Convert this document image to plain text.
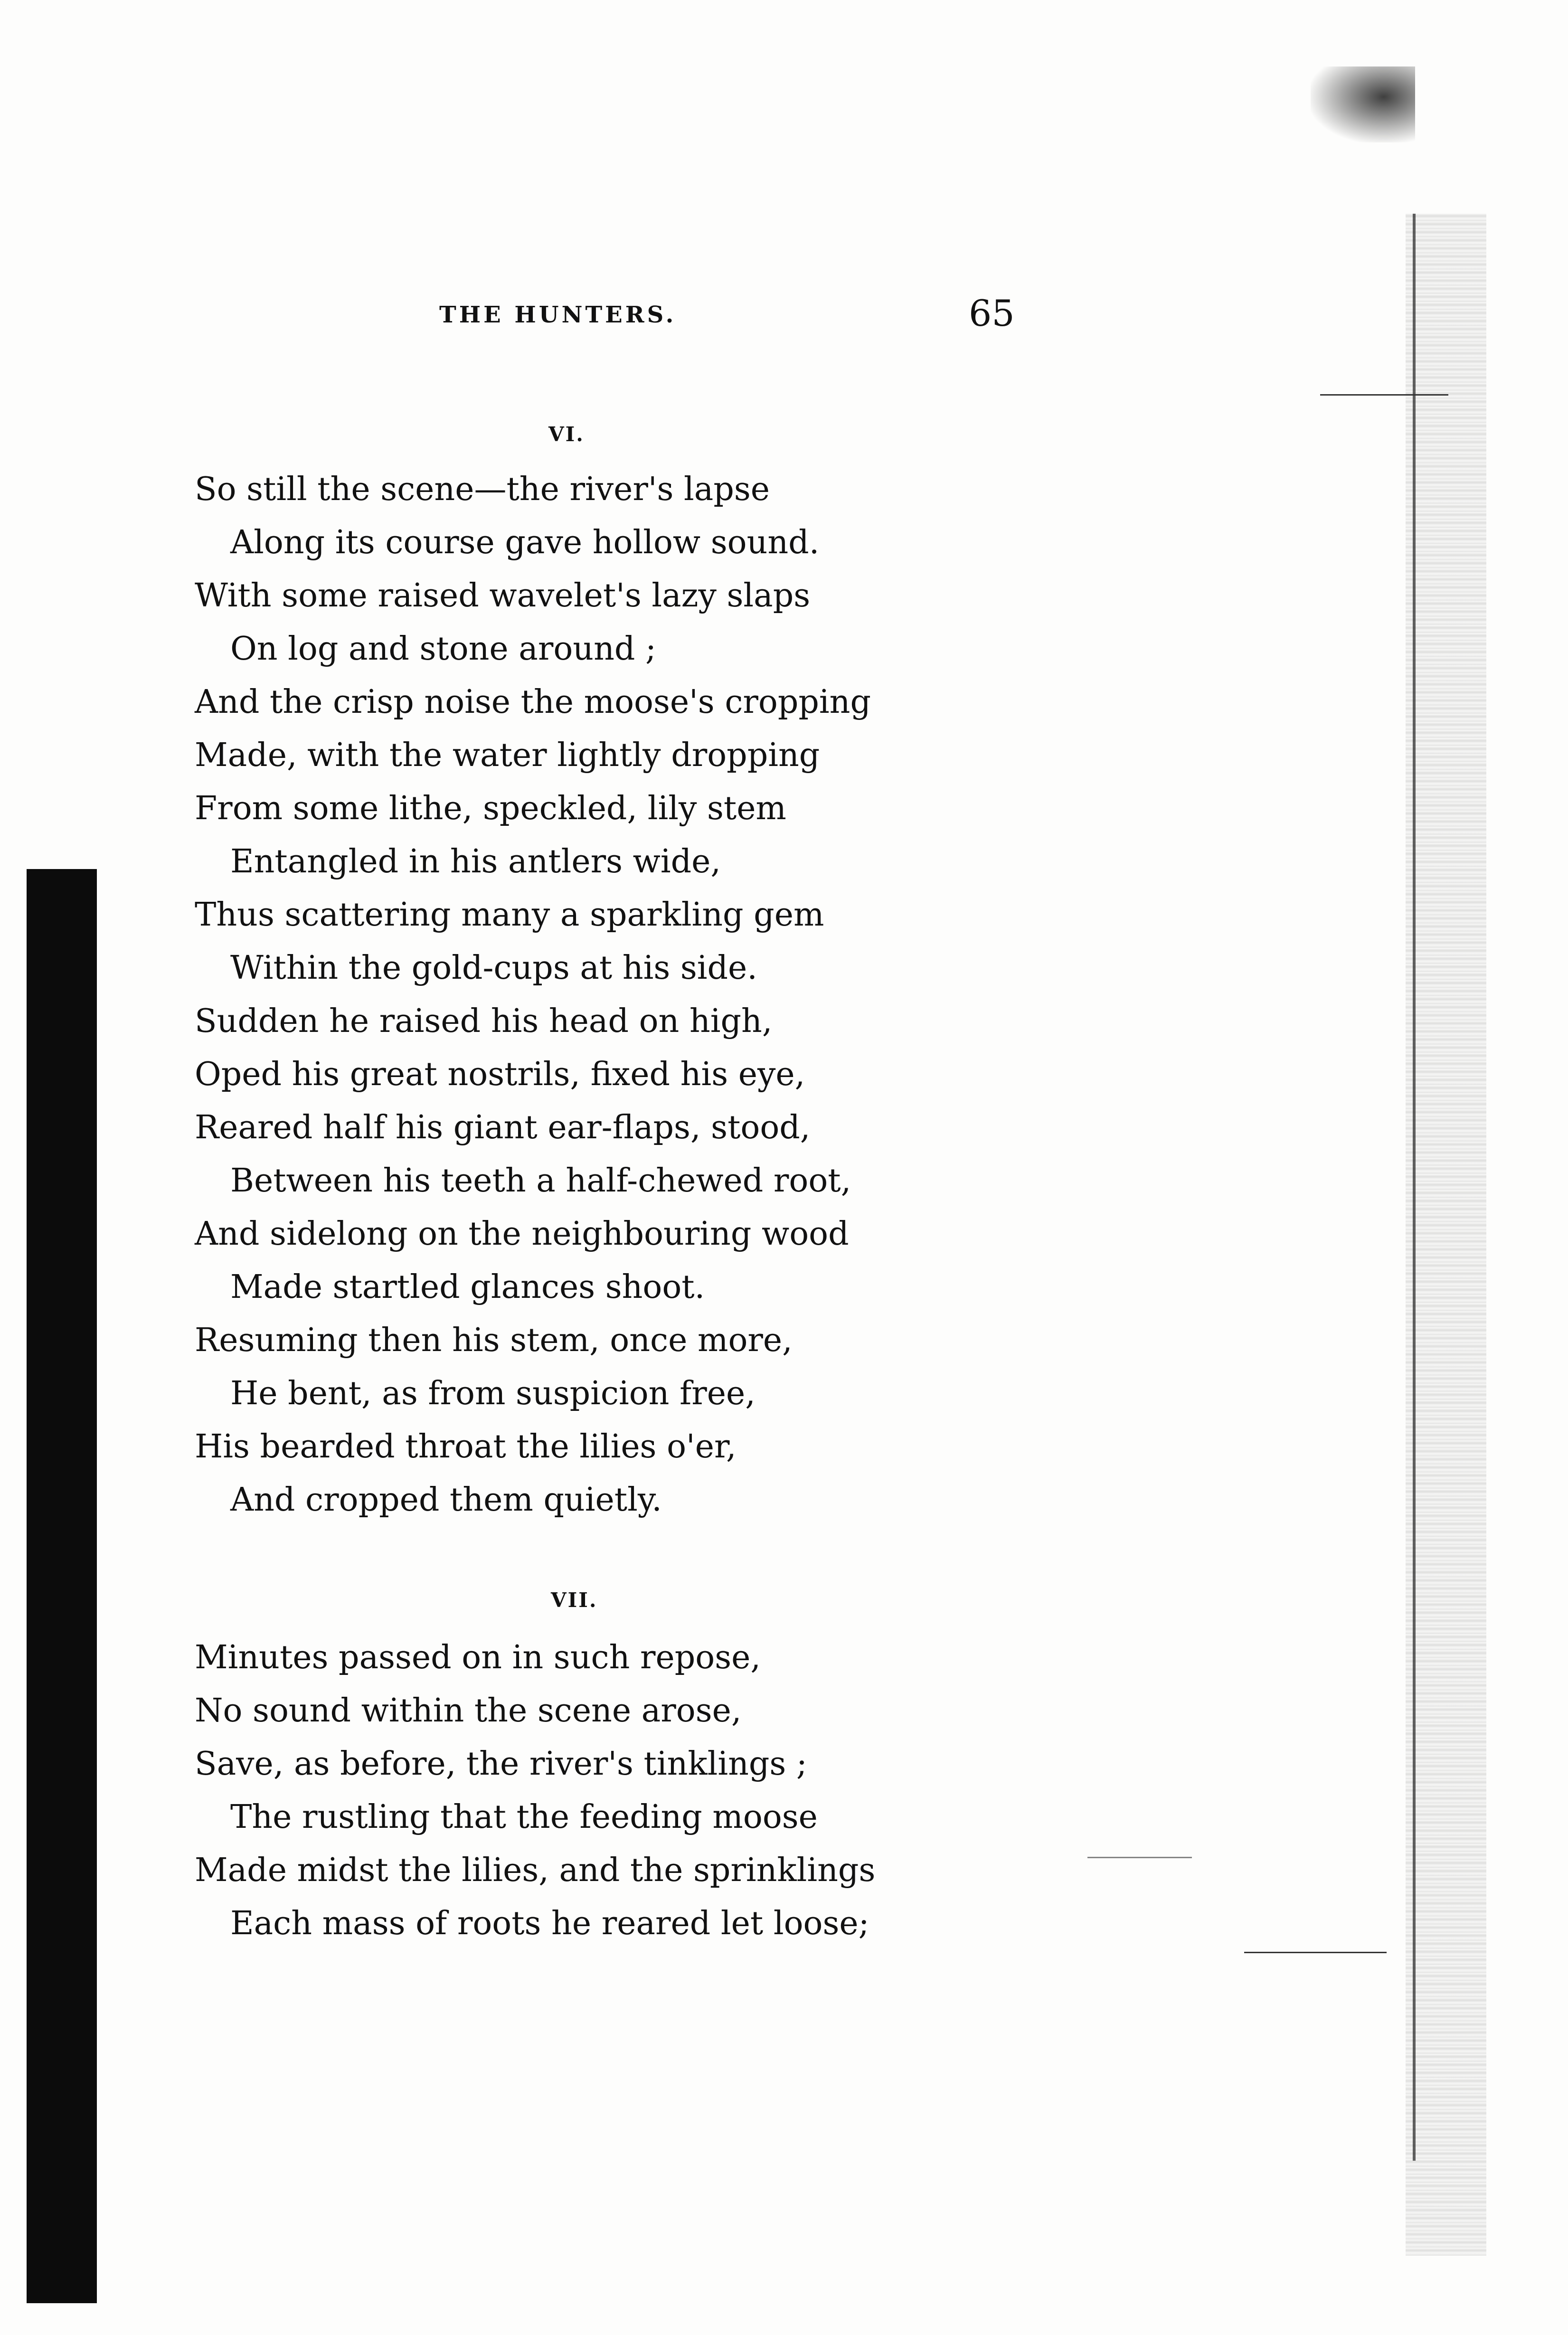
THE HUNTERS.	65
VI.
So still the scene—the river's lapse
Along its course gave hollow sound.
With some raised wavelet's lazy slaps
On log and stone around ;
And the crisp noise the moose's cropping
Made, with the water lightly dropping
From some lithe, speckled, lily stem
Entangled in his antlers wide,
Thus scattering many a sparkling gem
Within the gold-cups at his side.
Sudden he raised his head on high,
Oped his great nostrils, fixed his eye,
Reared half his giant ear-flaps, stood,
Between his teeth a half-chewed root,
And sidelong on the neighbouring wood
Made startled glances shoot.
Resuming then his stem, once more,
He bent, as from suspicion free,
His bearded throat the lilies o'er,
And cropped them quietly.
VII.
Minutes passed on in such repose,
No sound within the scene arose,
Save, as before, the river's tinklings ;
The rustling that the feeding moose
Made midst the lilies, and the sprinklings
Each mass of roots he reared let loose;
